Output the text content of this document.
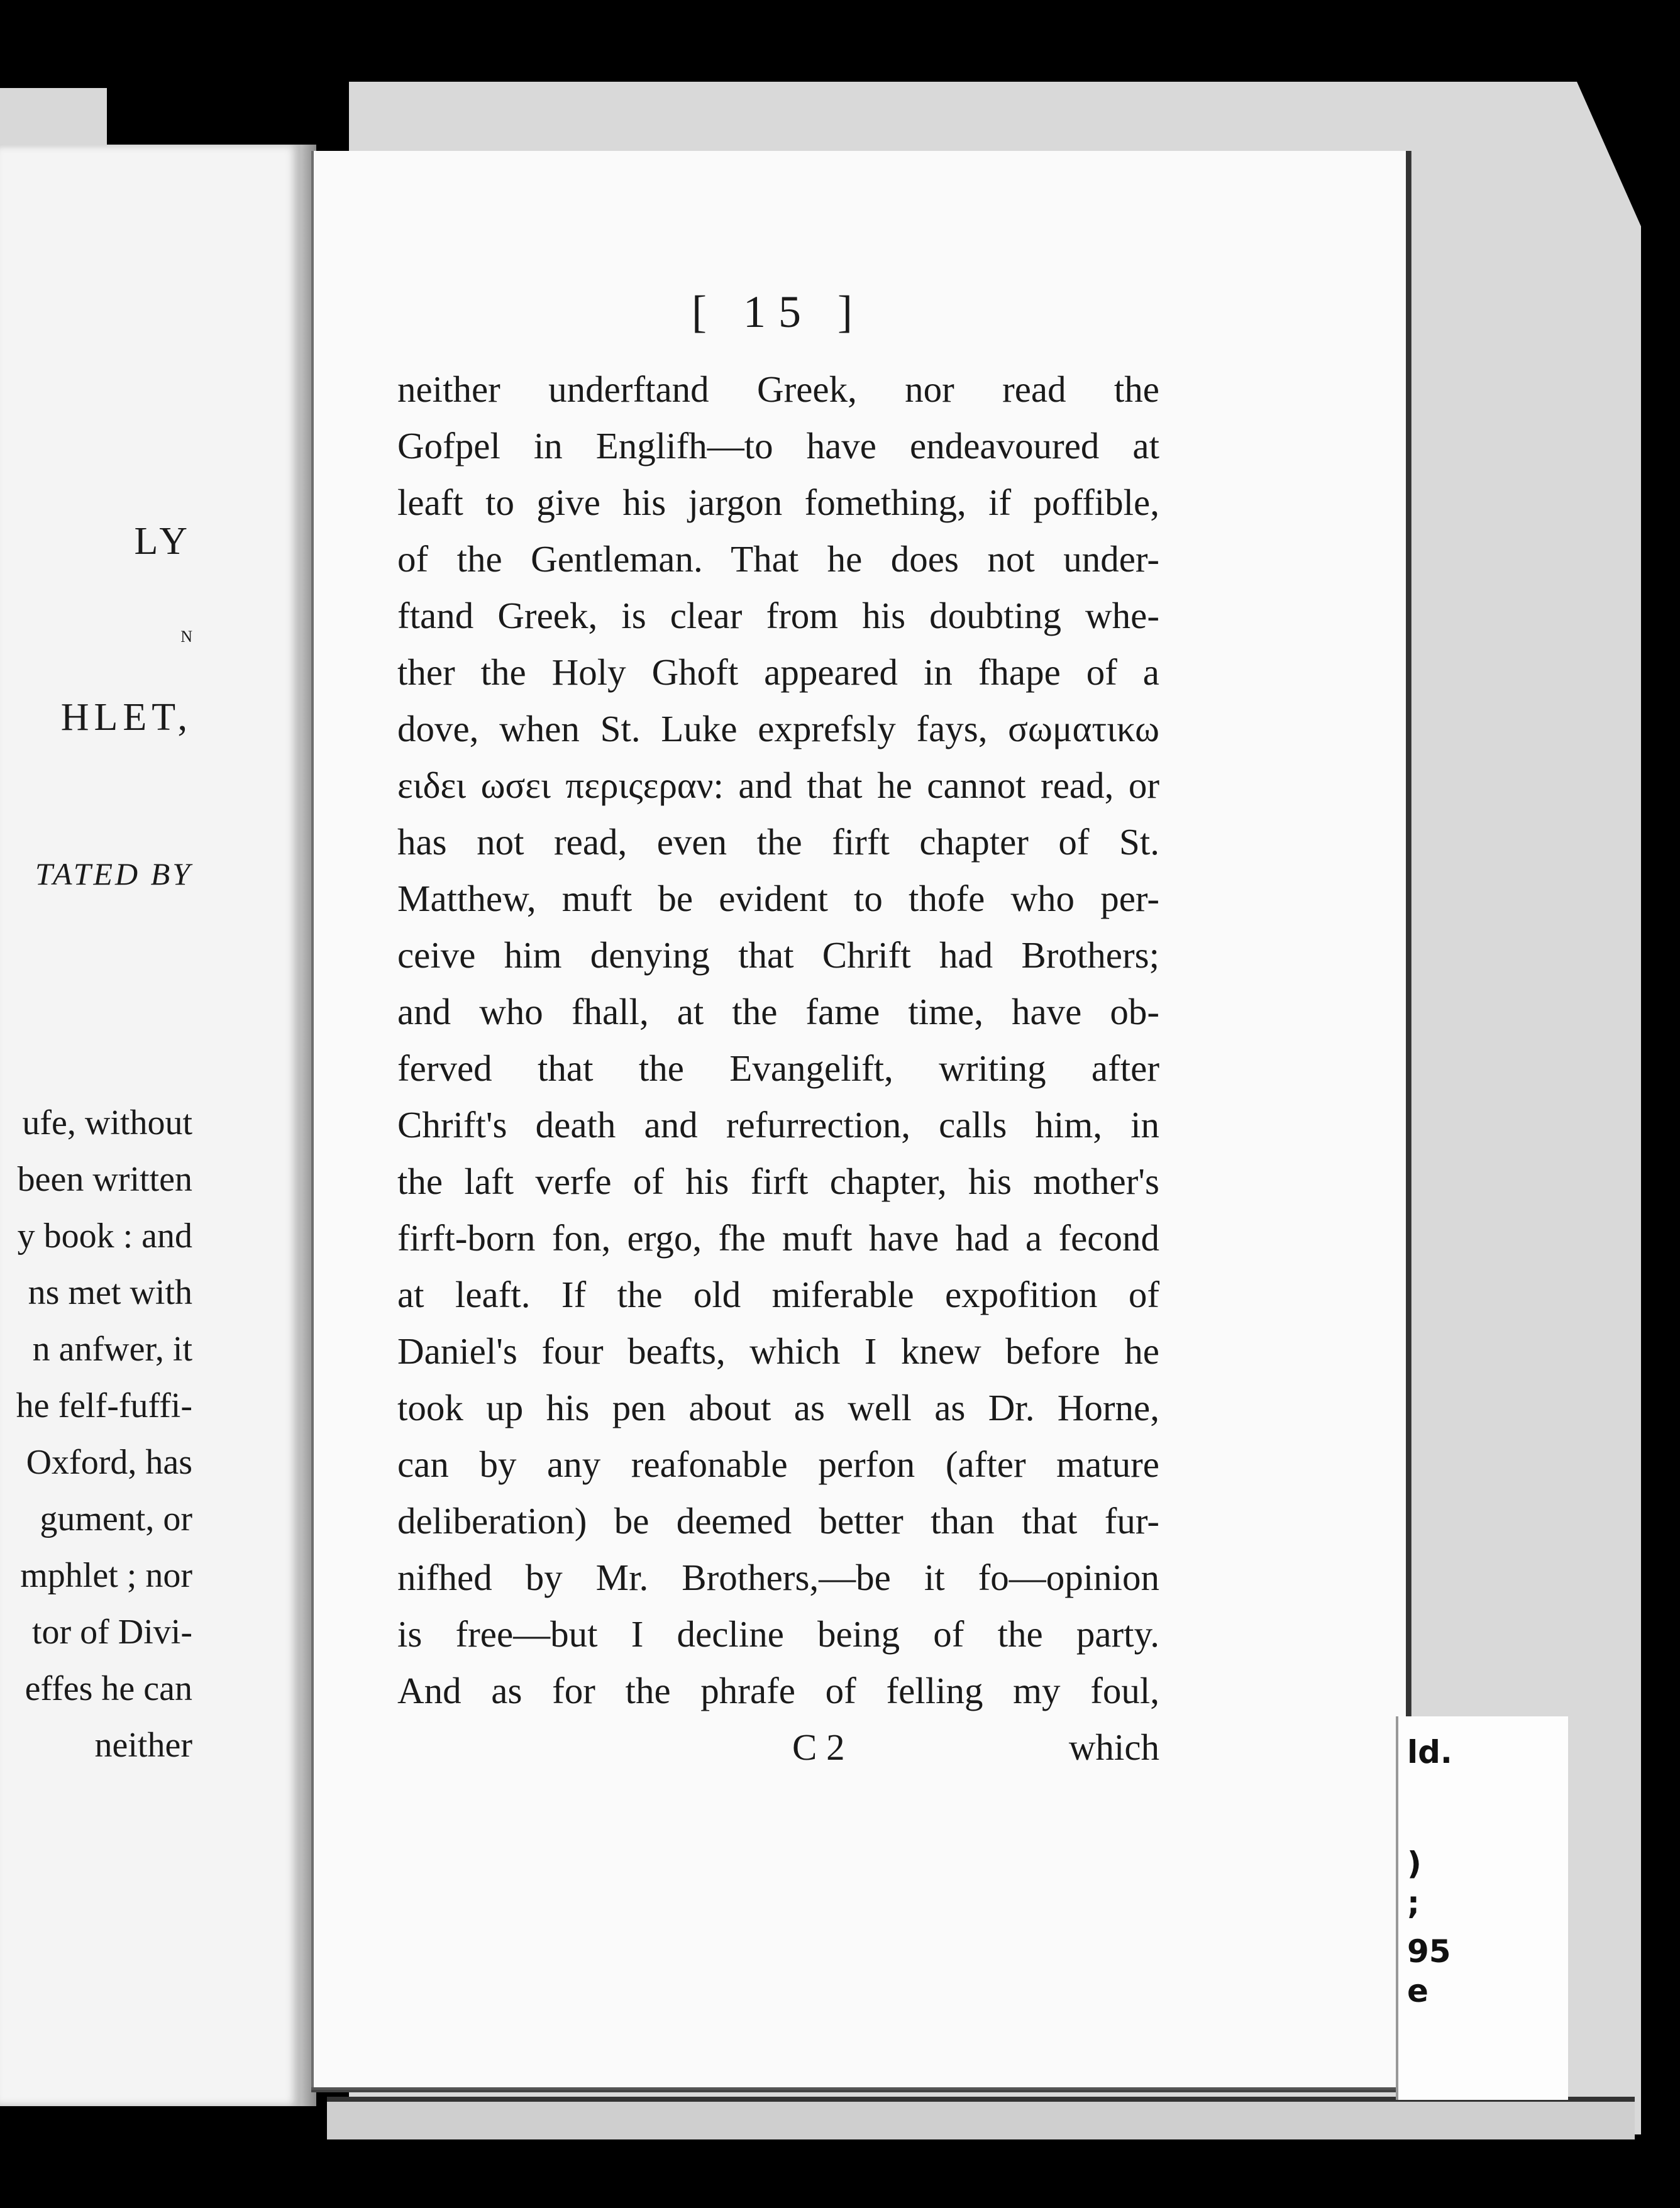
LY
N
HLET,
TATED BY
ufe, without
been written
y book : and
ns met with
n anfwer, it
he felf-fuffi-
Oxford, has
gument, or
mphlet ; nor
tor of Divi-
effes he can
neither
[ 15 ]
neither underftand Greek, nor read the
Gofpel in Englifh—to have endeavoured at
leaft to give his jargon fomething, if poffible,
of the Gentleman. That he does not under-
ftand Greek, is clear from his doubting whe-
ther the Holy Ghoft appeared in fhape of a
dove, when St. Luke exprefsly fays, σωματικω
ειδει ωσει περιςεραν: and that he cannot read, or
has not read, even the firft chapter of St.
Matthew, muft be evident to thofe who per-
ceive him denying that Chrift had Brothers;
and who fhall, at the fame time, have ob-
ferved that the Evangelift, writing after
Chrift's death and refurrection, calls him, in
the laft verfe of his firft chapter, his mother's
firft-born fon, ergo, fhe muft have had a fecond
at leaft. If the old miferable expofition of
Daniel's four beafts, which I knew before he
took up his pen about as well as Dr. Horne,
can by any reafonable perfon (after mature
deliberation) be deemed better than that fur-
nifhed by Mr. Brothers,—be it fo—opinion
is free—but I decline being of the party.
And as for the phrafe of felling my foul,
C 2	which	ld.
)
;
95
e
